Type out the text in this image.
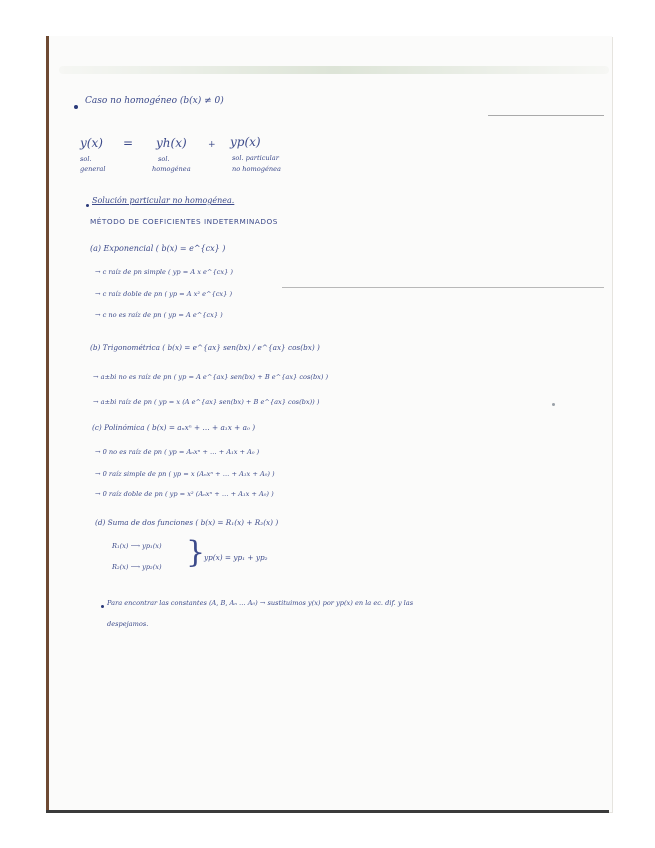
Caso no homogéneo (b(x) ≠ 0)
y(x) = yh(x) + yp(x)
sol.
general
sol.
homogénea
sol. particular
no homogénea
Solución particular no homogénea.
MÉTODO DE COEFICIENTES INDETERMINADOS
(a) Exponencial ( b(x) = e^{cx} )
→ c raíz de pn simple ( yp = A x e^{cx} )
→ c raíz doble de pn ( yp = A x² e^{cx} )
→ c no es raíz de pn ( yp = A e^{cx} )
(b) Trigonométrica ( b(x) = e^{ax} sen(bx) / e^{ax} cos(bx) )
→ a±bi no es raíz de pn ( yp = A e^{ax} sen(bx) + B e^{ax} cos(bx) )
→ a±bi raíz de pn ( yp = x (A e^{ax} sen(bx) + B e^{ax} cos(bx)) )
(c) Polinómica ( b(x) = aₙxⁿ + … + a₁x + a₀ )
→ 0 no es raíz de pn ( yp = Aₙxⁿ + … + A₁x + A₀ )
→ 0 raíz simple de pn ( yp = x (Aₙxⁿ + … + A₁x + A₀) )
→ 0 raíz doble de pn ( yp = x² (Aₙxⁿ + … + A₁x + A₀) )
(d) Suma de dos funciones ( b(x) = R₁(x) + R₂(x) )
R₁(x) ⟶ yp₁(x)
R₂(x) ⟶ yp₂(x) }
yp(x) = yp₁ + yp₂
Para encontrar las constantes (A, B, Aₙ … A₀) → sustituimos y(x) por yp(x) en la ec. dif. y las
despejamos.
